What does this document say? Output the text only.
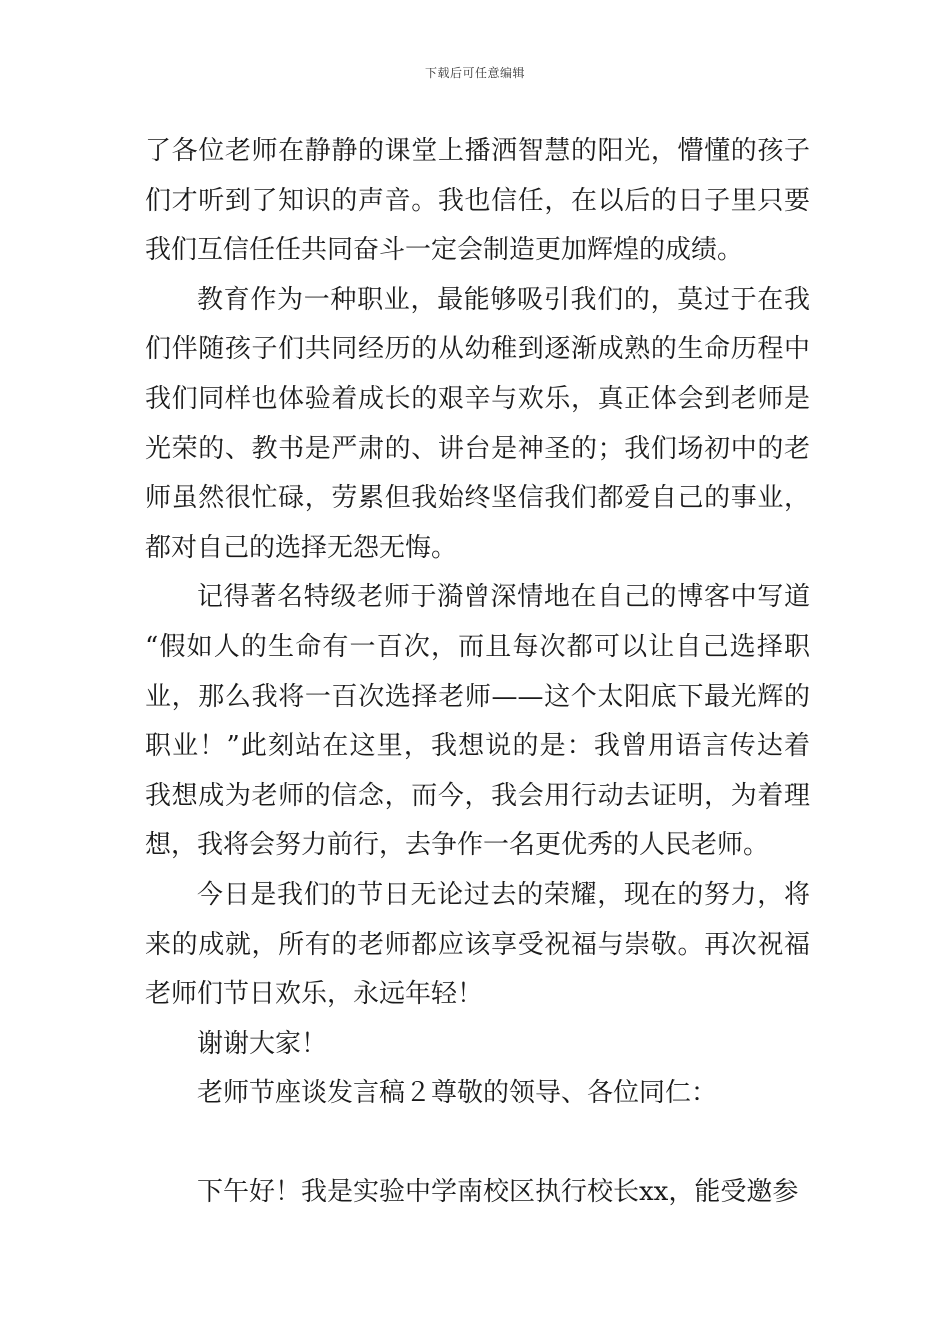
下载后可任意编辑
了各位老师在静静的课堂上播洒智慧的阳光，懵懂的孩子
们才听到了知识的声音。我也信任，在以后的日子里只要
我们互信任任共同奋斗一定会制造更加辉煌的成绩。
教育作为一种职业，最能够吸引我们的，莫过于在我
们伴随孩子们共同经历的从幼稚到逐渐成熟的生命历程中
我们同样也体验着成长的艰辛与欢乐，真正体会到老师是
光荣的、教书是严肃的、讲台是神圣的；我们场初中的老
师虽然很忙碌，劳累但我始终坚信我们都爱自己的事业，
都对自己的选择无怨无悔。
记得著名特级老师于漪曾深情地在自己的博客中写道
“假如人的生命有一百次，而且每次都可以让自己选择职
业，那么我将一百次选择老师——这个太阳底下最光辉的
职业！”此刻站在这里，我想说的是：我曾用语言传达着
我想成为老师的信念，而今，我会用行动去证明，为着理
想，我将会努力前行，去争作一名更优秀的人民老师。
今日是我们的节日无论过去的荣耀，现在的努力，将
来的成就，所有的老师都应该享受祝福与崇敬。再次祝福
老师们节日欢乐，永远年轻！
谢谢大家！
老师节座谈发言稿２尊敬的领导、各位同仁：
下午好！我是实验中学南校区执行校长xx，能受邀参
